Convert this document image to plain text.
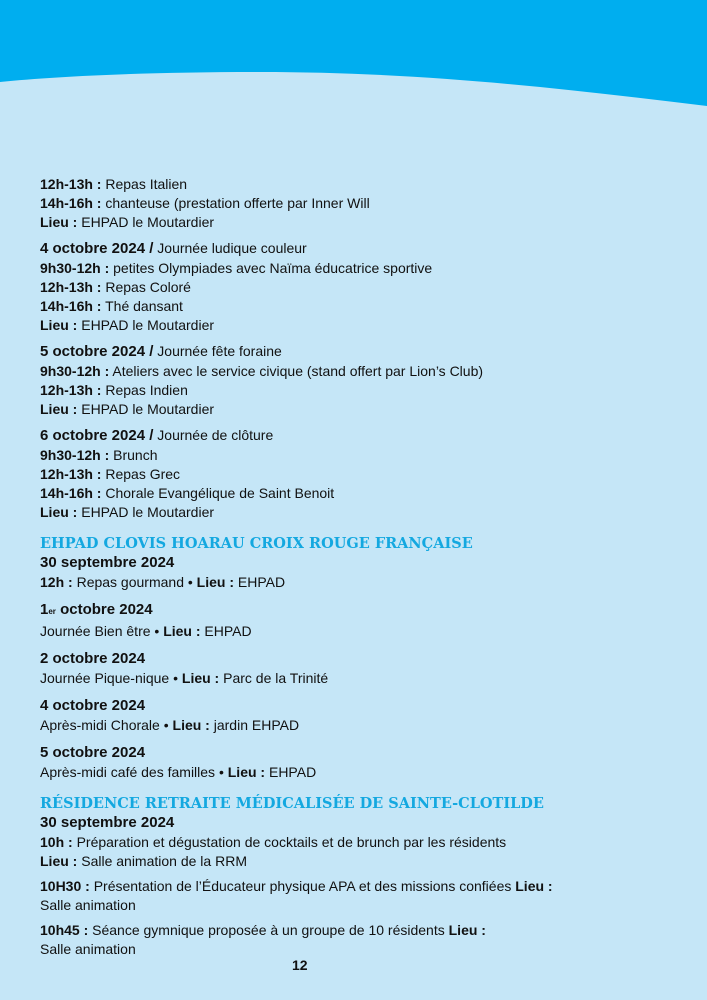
12h-13h : Repas Italien
14h-16h : chanteuse (prestation offerte par Inner Will
Lieu : EHPAD le Moutardier
4 octobre 2024 / Journée ludique couleur
9h30-12h : petites Olympiades avec Naïma éducatrice sportive
12h-13h : Repas Coloré
14h-16h : Thé dansant
Lieu : EHPAD le Moutardier
5 octobre 2024 / Journée fête foraine
9h30-12h : Ateliers avec le service civique (stand offert par Lion’s Club)
12h-13h : Repas Indien
Lieu : EHPAD le Moutardier
6 octobre 2024 / Journée de clôture
9h30-12h : Brunch
12h-13h : Repas Grec
14h-16h : Chorale Evangélique de Saint Benoit
Lieu : EHPAD le Moutardier
EHPAD CLOVIS HOARAU CROIX ROUGE FRANÇAISE
30 septembre 2024
12h : Repas gourmand • Lieu : EHPAD
1er octobre 2024
Journée Bien être • Lieu : EHPAD
2 octobre 2024
Journée Pique-nique • Lieu : Parc de la Trinité
4 octobre 2024
Après-midi Chorale • Lieu : jardin EHPAD
5 octobre 2024
Après-midi café des familles • Lieu : EHPAD
RÉSIDENCE RETRAITE MÉDICALISÉE DE SAINTE-CLOTILDE
30 septembre 2024
10h : Préparation et dégustation de cocktails et de brunch par les résidents
Lieu : Salle animation de la RRM
10H30 : Présentation de l’Éducateur physique APA et des missions confiées Lieu : Salle animation
10h45 : Séance gymnique proposée à un groupe de 10 résidents Lieu : Salle animation
12
